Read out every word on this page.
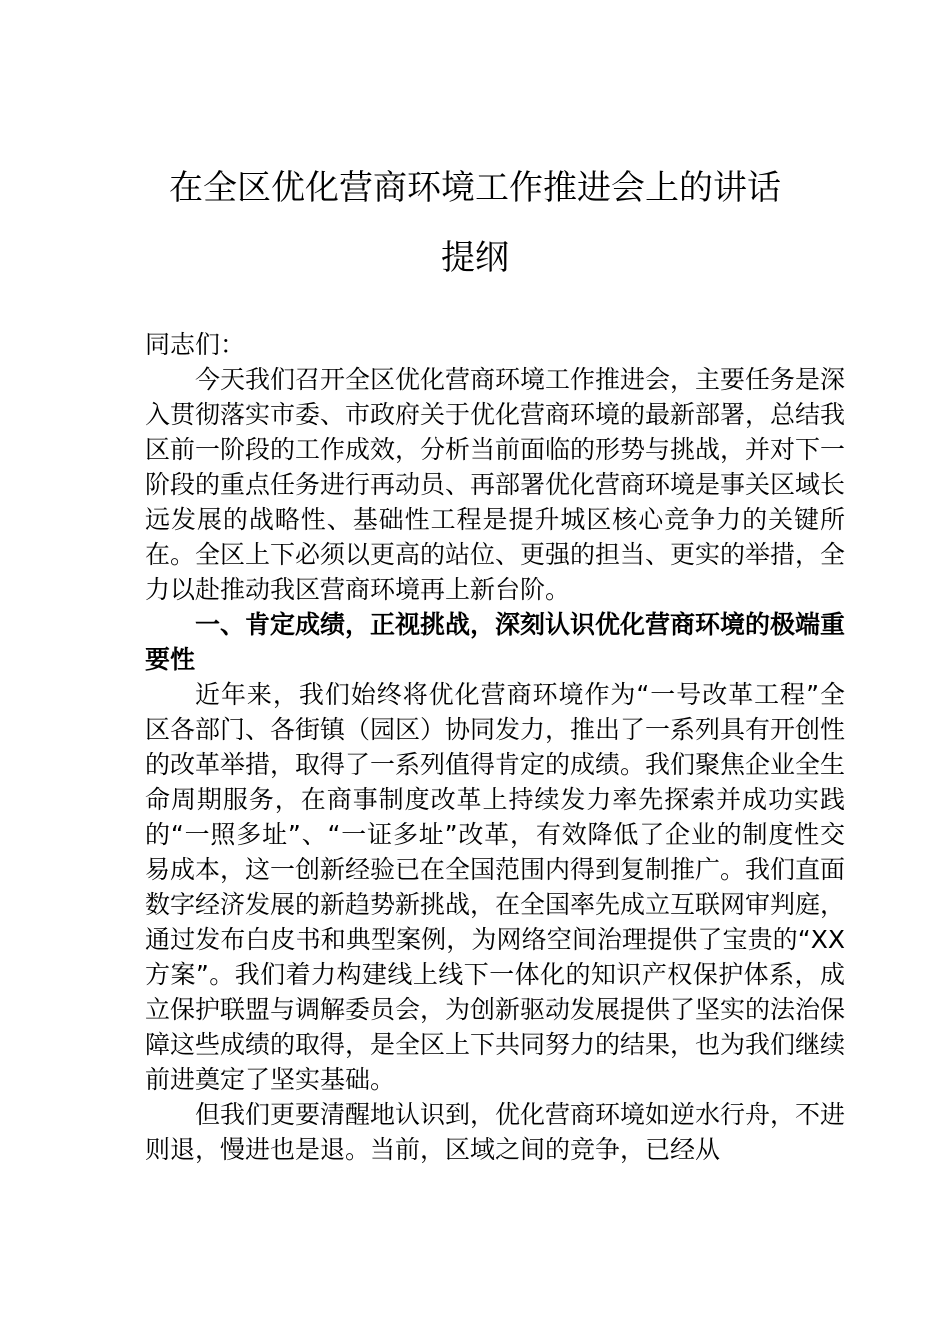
在全区优化营商环境工作推进会上的讲话
提纲

同志们：

今天我们召开全区优化营商环境工作推进会，主要任务是深入贯彻落实市委、市政府关于优化营商环境的最新部署，总结我区前一阶段的工作成效，分析当前面临的形势与挑战，并对下一阶段的重点任务进行再动员、再部署优化营商环境是事关区域长远发展的战略性、基础性工程是提升城区核心竞争力的关键所在。全区上下必须以更高的站位、更强的担当、更实的举措，全力以赴推动我区营商环境再上新台阶。

一、肯定成绩，正视挑战，深刻认识优化营商环境的极端重要性

近年来，我们始终将优化营商环境作为“一号改革工程”全区各部门、各街镇（园区）协同发力，推出了一系列具有开创性的改革举措，取得了一系列值得肯定的成绩。我们聚焦企业全生命周期服务，在商事制度改革上持续发力率先探索并成功实践的“一照多址”、“一证多址”改革，有效降低了企业的制度性交易成本，这一创新经验已在全国范围内得到复制推广。我们直面数字经济发展的新趋势新挑战，在全国率先成立互联网审判庭，通过发布白皮书和典型案例，为网络空间治理提供了宝贵的“XX 方案”。我们着力构建线上线下一体化的知识产权保护体系，成立保护联盟与调解委员会，为创新驱动发展提供了坚实的法治保障这些成绩的取得，是全区上下共同努力的结果，也为我们继续前进奠定了坚实基础。

但我们更要清醒地认识到，优化营商环境如逆水行舟，不进则退，慢进也是退。当前，区域之间的竞争，已经从
